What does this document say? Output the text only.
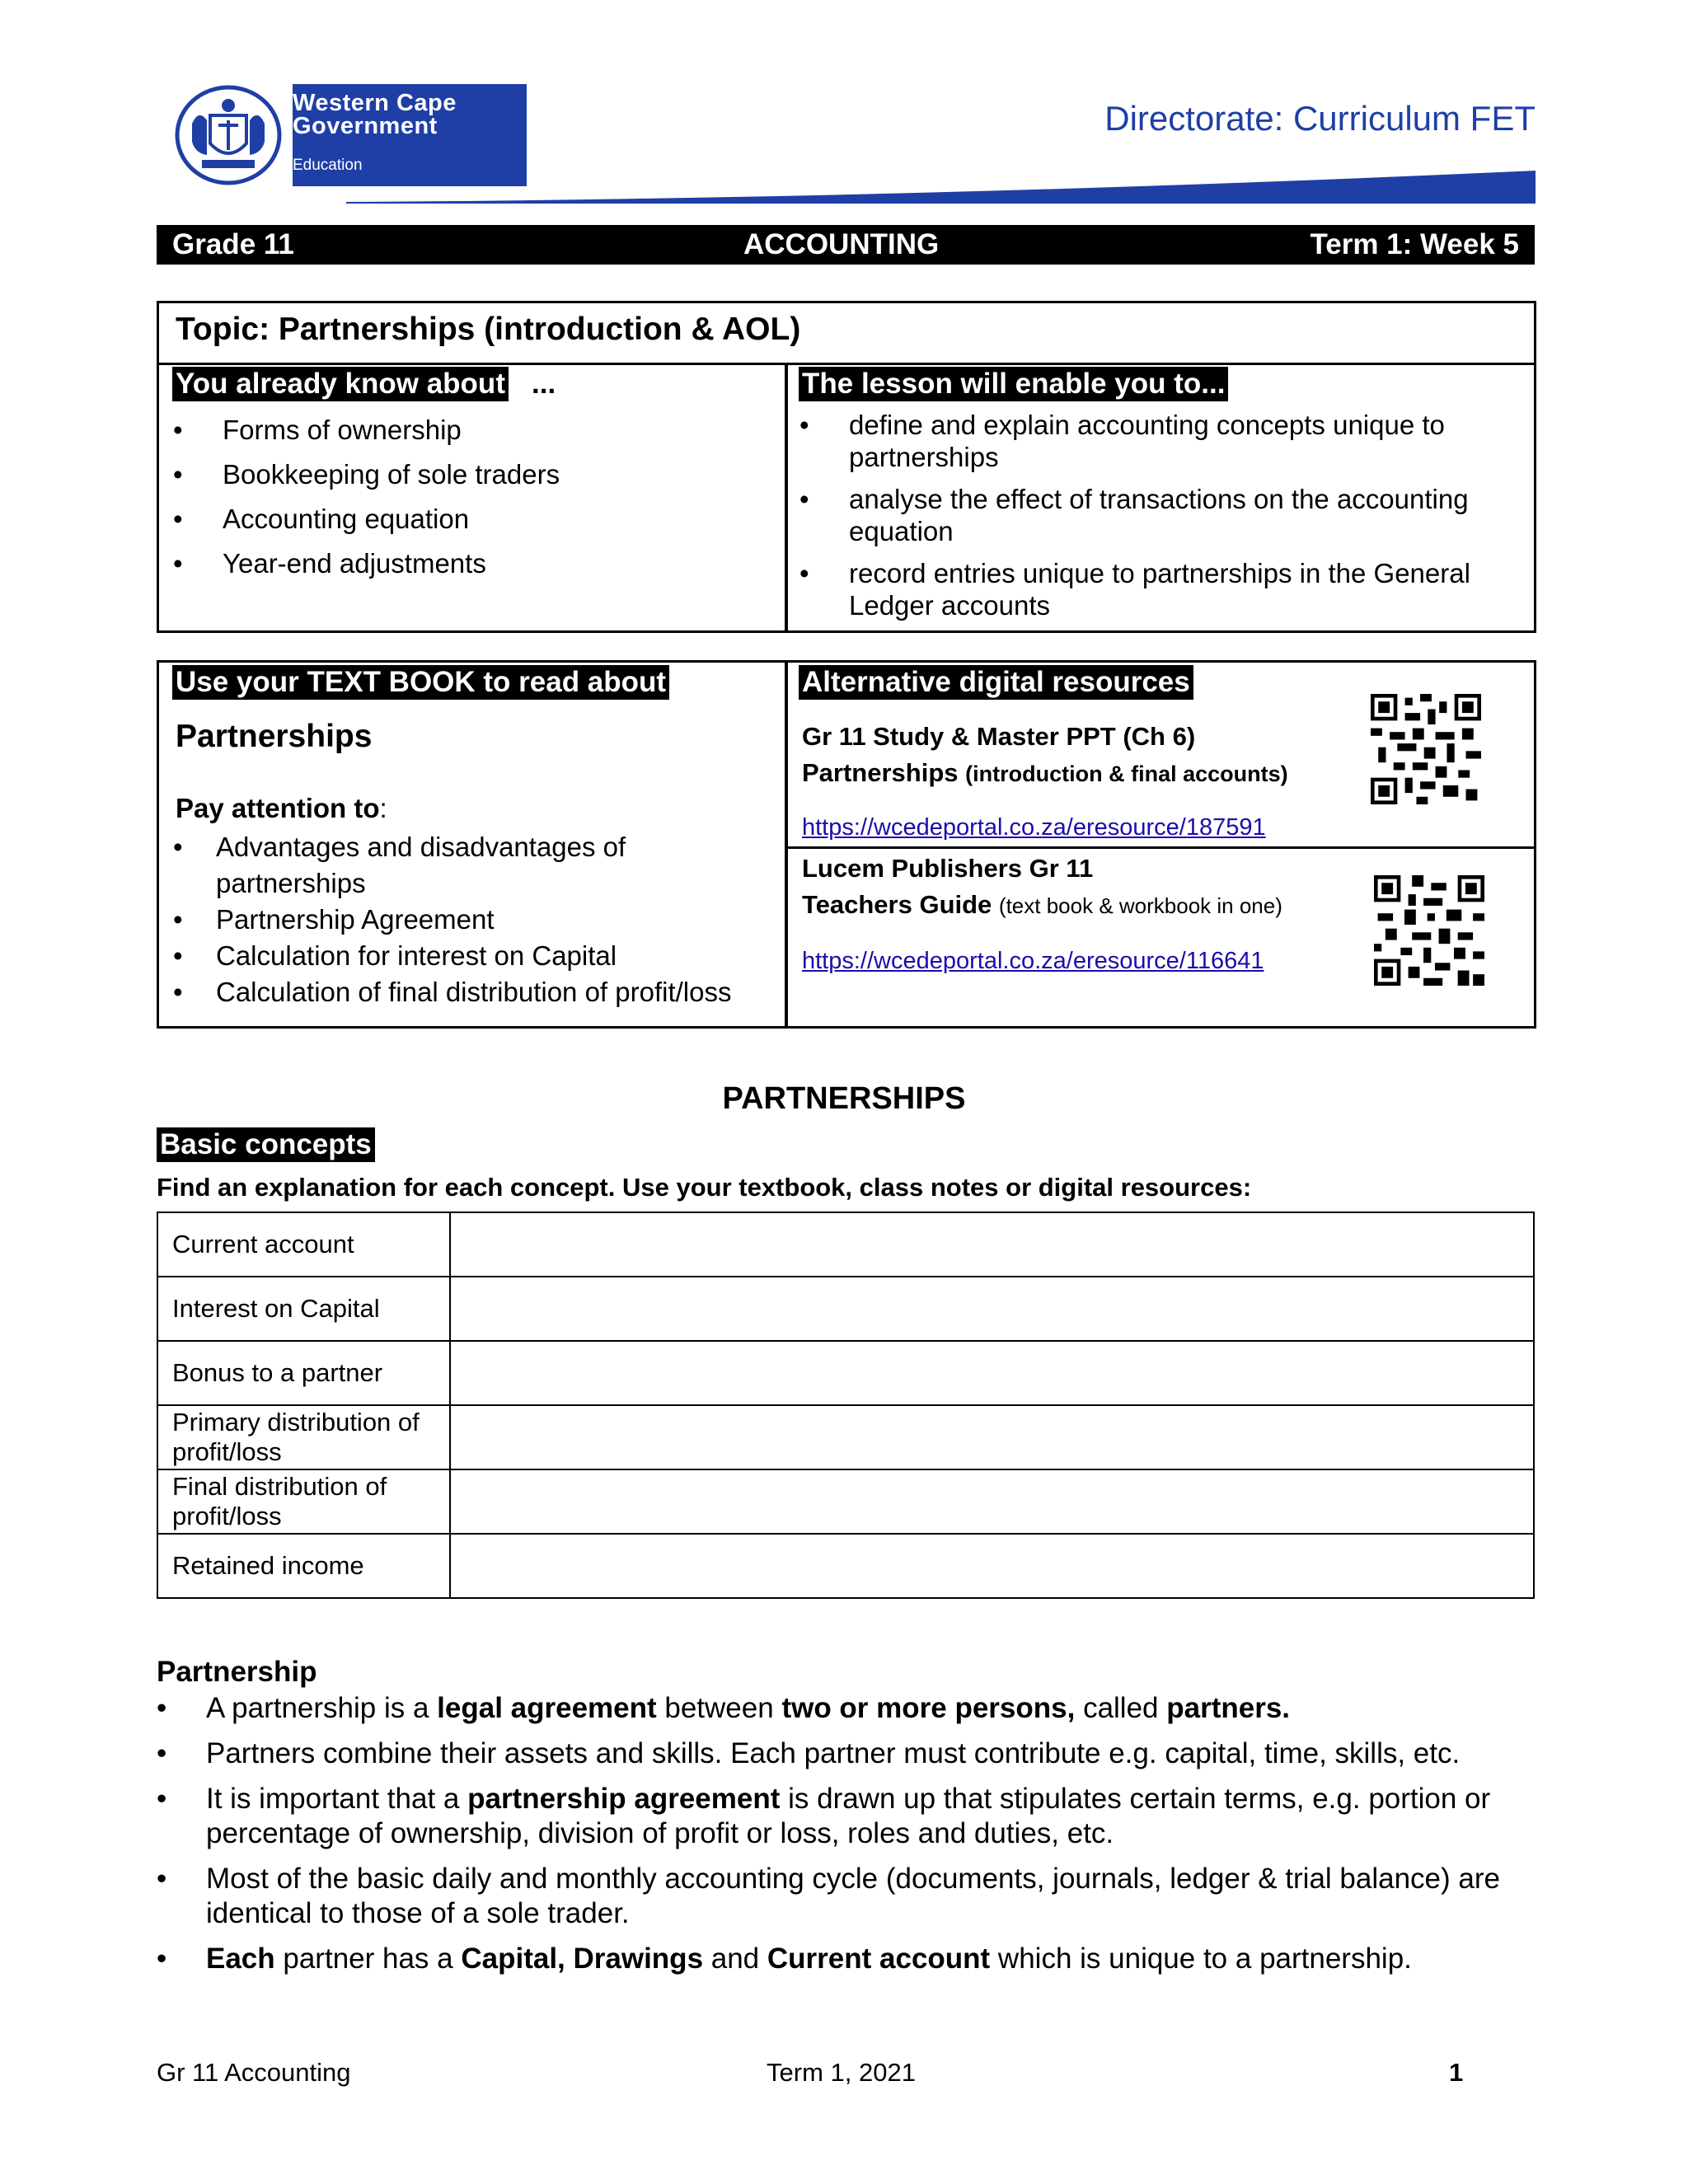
Western Cape
Government
Education
Directorate: Curriculum FET
Grade 11	ACCOUNTING	Term 1: Week 5
Topic: Partnerships (introduction & AOL)
You already know about ...
• Forms of ownership
• Bookkeeping of sole traders
• Accounting equation
• Year-end adjustments
The lesson will enable you to...
• define and explain accounting concepts unique to partnerships
• analyse the effect of transactions on the accounting equation
• record entries unique to partnerships in the General Ledger accounts
Use your TEXT BOOK to read about
Partnerships
Pay attention to:
• Advantages and disadvantages of partnerships
• Partnership Agreement
• Calculation for interest on Capital
• Calculation of final distribution of profit/loss
Alternative digital resources
Gr 11 Study & Master PPT (Ch 6)
Partnerships (introduction & final accounts)
https://wcedeportal.co.za/eresource/187591
Lucem Publishers Gr 11
Teachers Guide (text book & workbook in one)
https://wcedeportal.co.za/eresource/116641
PARTNERSHIPS
Basic concepts
Find an explanation for each concept. Use your textbook, class notes or digital resources:
Current account	
Interest on Capital	
Bonus to a partner	
Primary distribution of profit/loss	
Final distribution of profit/loss	
Retained income	
Partnership
• A partnership is a legal agreement between two or more persons, called partners.
• Partners combine their assets and skills. Each partner must contribute e.g. capital, time, skills, etc.
• It is important that a partnership agreement is drawn up that stipulates certain terms, e.g. portion or percentage of ownership, division of profit or loss, roles and duties, etc.
• Most of the basic daily and monthly accounting cycle (documents, journals, ledger & trial balance) are identical to those of a sole trader.
• Each partner has a Capital, Drawings and Current account which is unique to a partnership.
Gr 11 Accounting	Term 1, 2021	1
